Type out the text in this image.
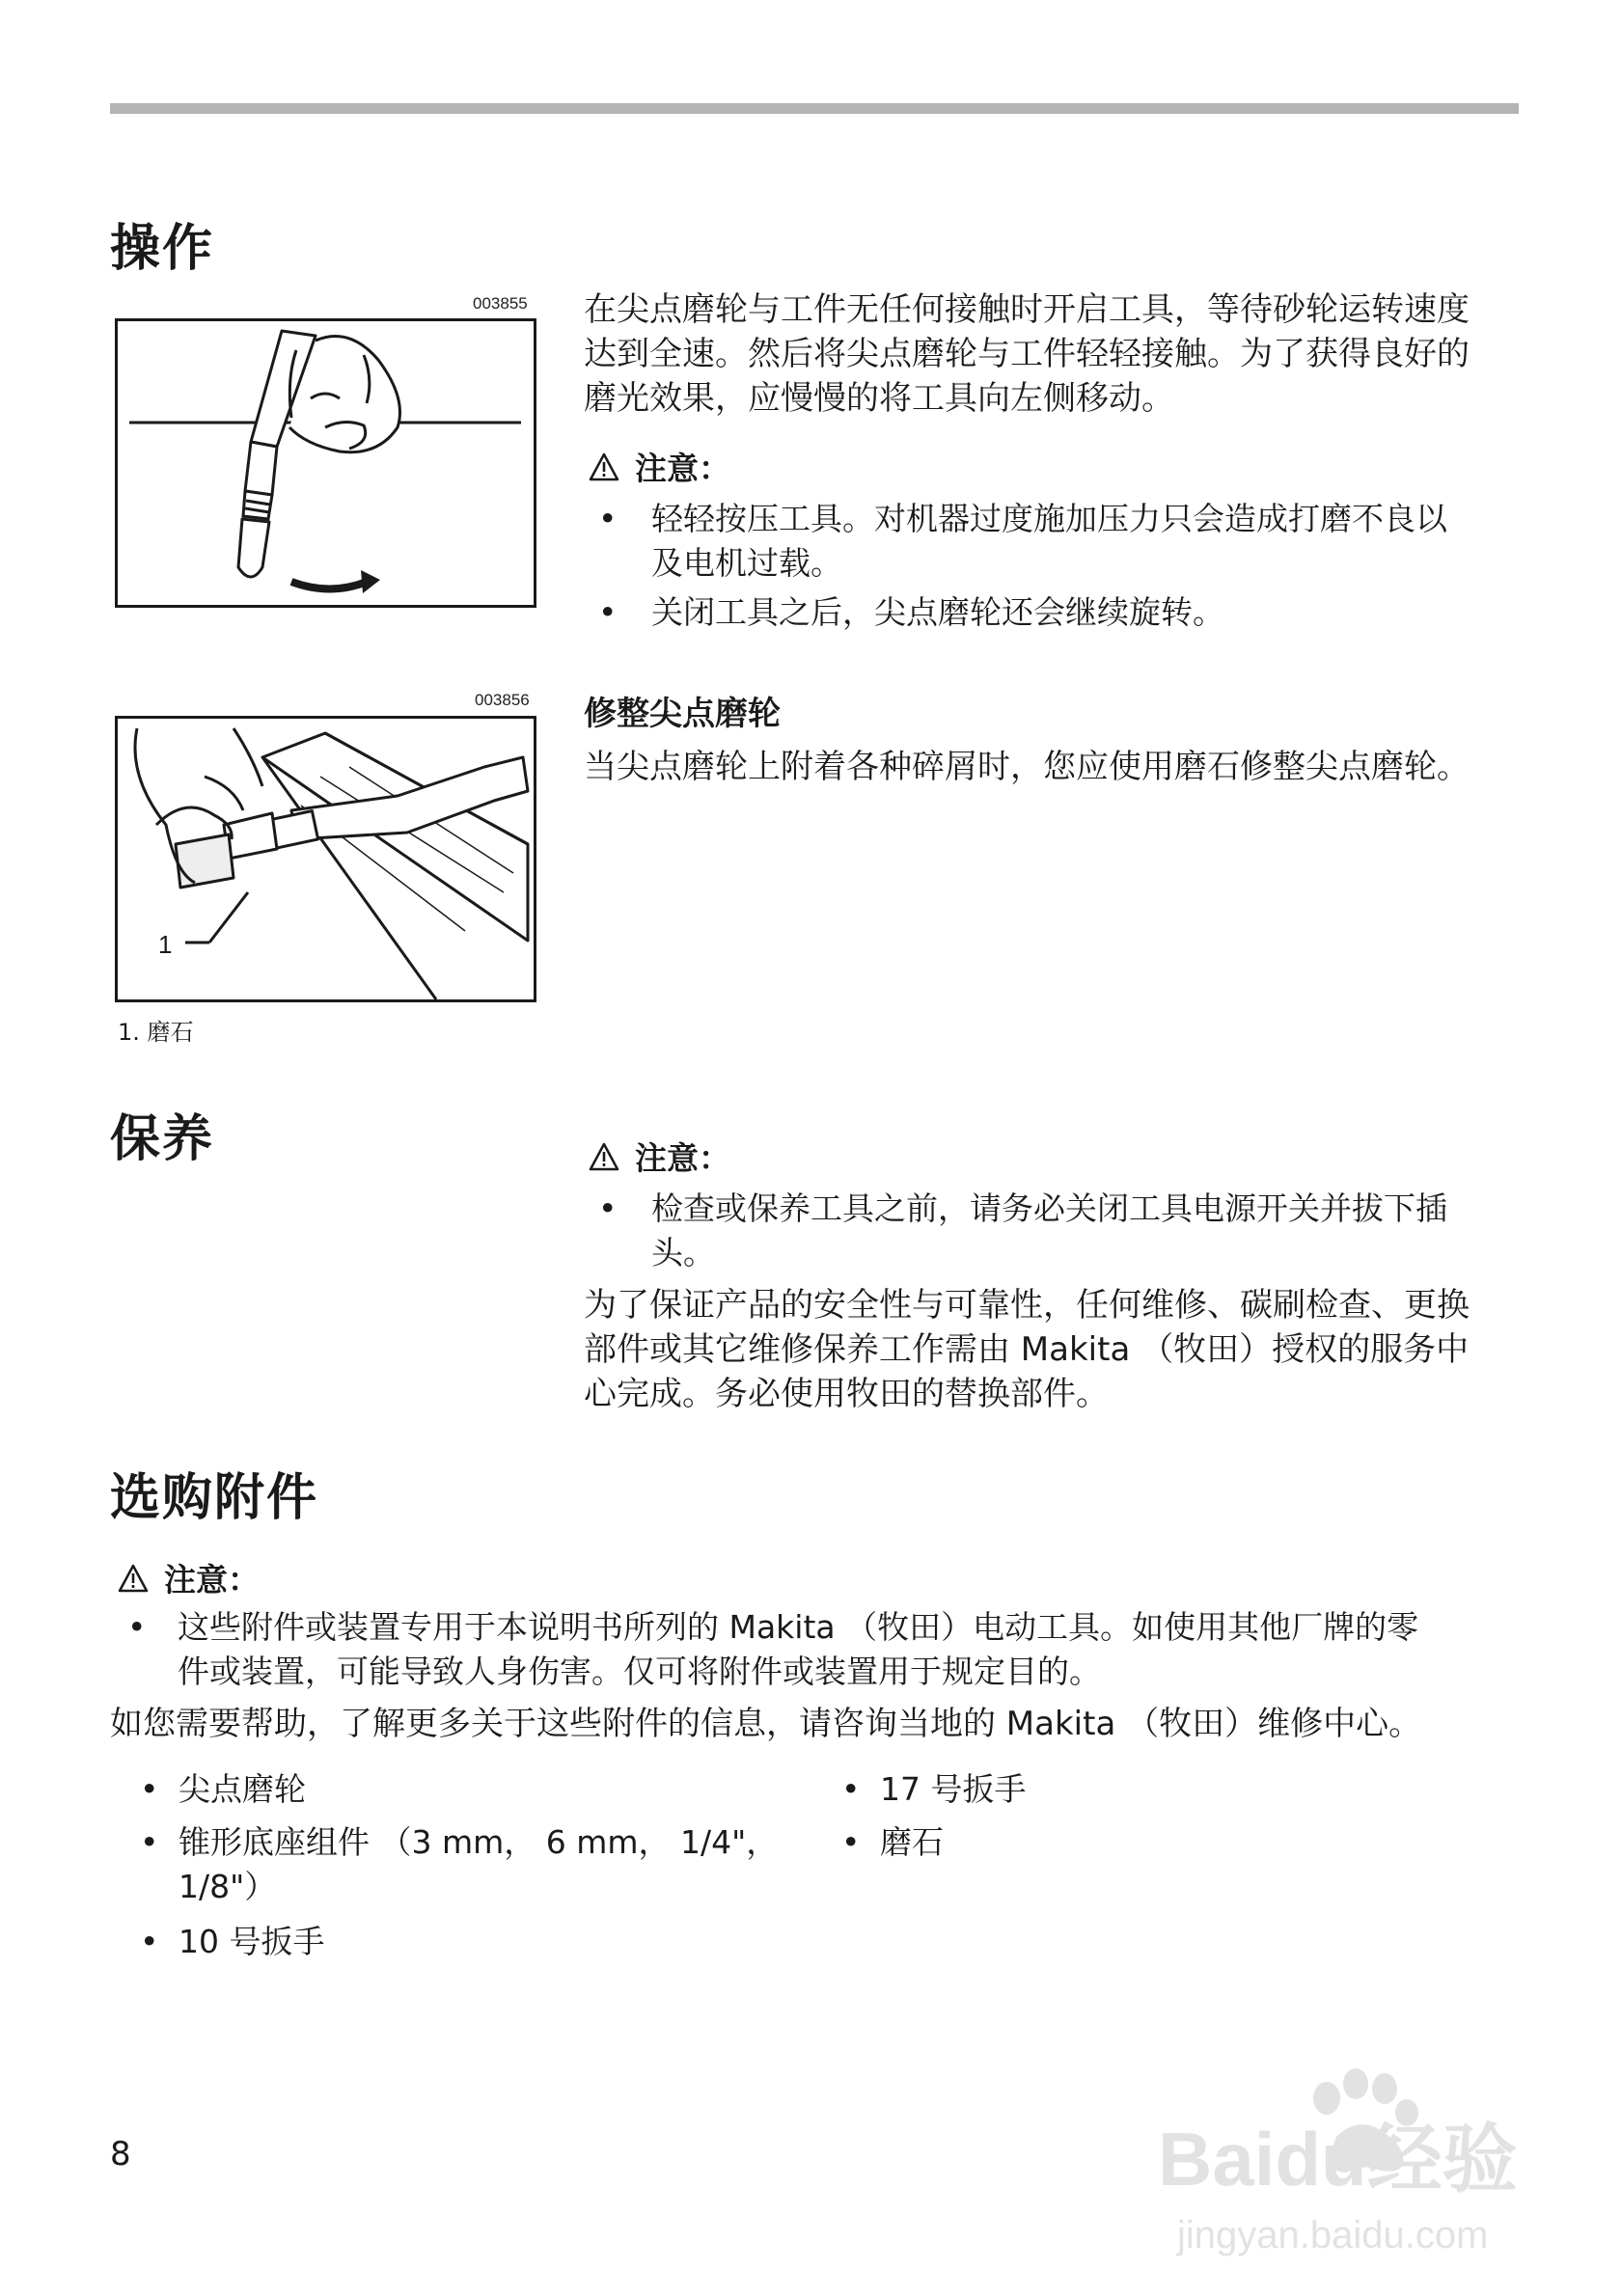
操作
003855 在尖点磨轮与工件无任何接触时开启工具，等待砂轮运转速度
达到全速。然后将尖点磨轮与工件轻轻接触。为了获得良好的
磨光效果，应慢慢的将工具向左侧移动。
注意：
• 轻轻按压工具。对机器过度施加压力只会造成打磨不良以
及电机过载。
• 关闭工具之后，尖点磨轮还会继续旋转。
003856
1
1. 磨石
修整尖点磨轮
当尖点磨轮上附着各种碎屑时，您应使用磨石修整尖点磨轮。
保养	注意：
• 检查或保养工具之前，请务必关闭工具电源开关并拔下插
头。
为了保证产品的安全性与可靠性，任何维修、碳刷检查、更换
部件或其它维修保养工作需由 Makita （牧田）授权的服务中
心完成。务必使用牧田的替换部件。
选购附件
注意：
• 这些附件或装置专用于本说明书所列的 Makita （牧田）电动工具。如使用其他厂牌的零
件或装置，可能导致人身伤害。仅可将附件或装置用于规定目的。
如您需要帮助，了解更多关于这些附件的信息，请咨询当地的 Makita （牧田）维修中心。
• 尖点磨轮
• 锥形底座组件 （3 mm， 6 mm， 1/4"，
1/8"）
• 10 号扳手
• 17 号扳手
• 磨石
8	Baidu经验
jingyan.baidu.com
